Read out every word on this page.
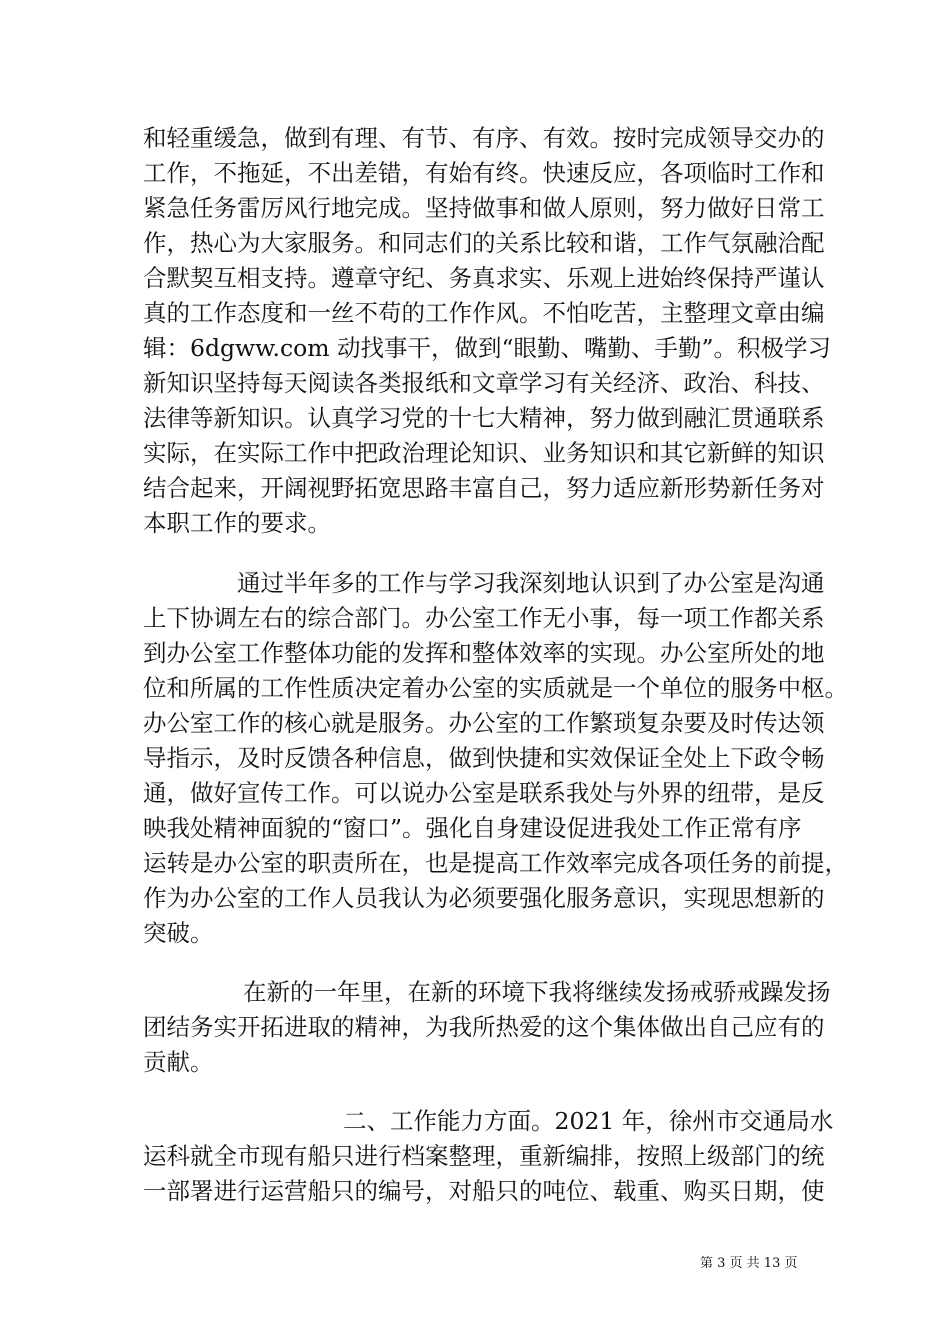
和轻重缓急，做到有理、有节、有序、有效。按时完成领导交办的
工作，不拖延，不出差错，有始有终。快速反应，各项临时工作和
紧急任务雷厉风行地完成。坚持做事和做人原则，努力做好日常工
作，热心为大家服务。和同志们的关系比较和谐，工作气氛融洽配
合默契互相支持。遵章守纪、务真求实、乐观上进始终保持严谨认
真的工作态度和一丝不苟的工作作风。不怕吃苦，主整理文章由编
辑：6dgww.com 动找事干，做到“眼勤、嘴勤、手勤”。积极学习
新知识坚持每天阅读各类报纸和文章学习有关经济、政治、科技、
法律等新知识。认真学习党的十七大精神，努力做到融汇贯通联系
实际，在实际工作中把政治理论知识、业务知识和其它新鲜的知识
结合起来，开阔视野拓宽思路丰富自己，努力适应新形势新任务对
本职工作的要求。
通过半年多的工作与学习我深刻地认识到了办公室是沟通
上下协调左右的综合部门。办公室工作无小事，每一项工作都关系
到办公室工作整体功能的发挥和整体效率的实现。办公室所处的地
位和所属的工作性质决定着办公室的实质就是一个单位的服务中枢。
办公室工作的核心就是服务。办公室的工作繁琐复杂要及时传达领
导指示，及时反馈各种信息，做到快捷和实效保证全处上下政令畅
通，做好宣传工作。可以说办公室是联系我处与外界的纽带，是反
映我处精神面貌的“窗口”。强化自身建设促进我处工作正常有序
运转是办公室的职责所在，也是提高工作效率完成各项任务的前提，
作为办公室的工作人员我认为必须要强化服务意识，实现思想新的
突破。
在新的一年里，在新的环境下我将继续发扬戒骄戒躁发扬
团结务实开拓进取的精神，为我所热爱的这个集体做出自己应有的
贡献。
二、工作能力方面。2021 年，徐州市交通局水
运科就全市现有船只进行档案整理，重新编排，按照上级部门的统
一部署进行运营船只的编号，对船只的吨位、载重、购买日期，使
第 3 页 共 13 页
